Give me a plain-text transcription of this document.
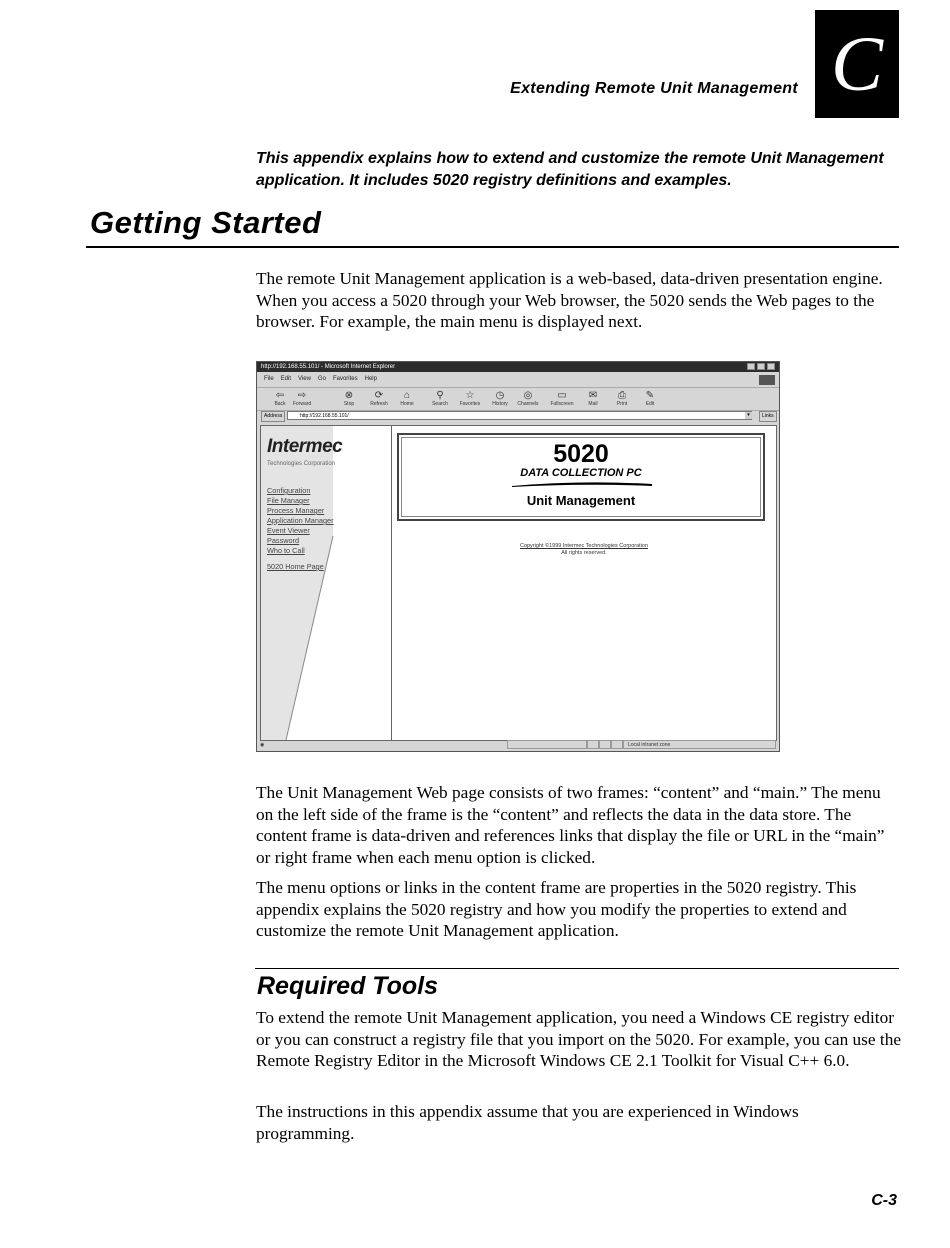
C
Extending Remote Unit Management
This appendix explains how to extend and customize the remote Unit Management application. It includes 5020 registry definitions and examples.
Getting Started

The remote Unit Management application is a web-based, data-driven presentation engine. When you access a 5020 through your Web browser, the 5020 sends the Web pages to the browser. For example, the main menu is displayed next.

http://192.168.55.101/ - Microsoft Internet Explorer
File Edit View Go Favorites Help
⇦
Back
⇨
Forward
⊗
Stop
⟳
Refresh
⌂
Home
⚲
Search
☆
Favorites
◷
History
◎
Channels
▭
Fullscreen
✉
Mail
⎙
Print
✎
Edit
Address	http://192.168.55.101/	▾	Links
Intermec
Technologies Corporation
Configuration
File Manager
Process Manager
Application Manager
Event Viewer
Password
Who to Call
5020 Home Page
5020
DATA COLLECTION PC
Unit Management
Copyright ©1999 Intermec Technologies Corporation
All rights reserved.
◉	Local intranet zone

The Unit Management Web page consists of two frames: “content” and “main.” The menu on the left side of the frame is the “content” and reflects the data in the data store. The content frame is data-driven and references links that display the file or URL in the “main” or right frame when each menu option is clicked.

The menu options or links in the content frame are properties in the 5020 registry. This appendix explains the 5020 registry and how you modify the properties to extend and customize the remote Unit Management application.

Required Tools

To extend the remote Unit Management application, you need a Windows CE registry editor or you can construct a registry file that you import on the 5020. For example, you can use the Remote Registry Editor in the Microsoft Windows CE 2.1 Toolkit for Visual C++ 6.0.

The instructions in this appendix assume that you are experienced in Windows programming.

C-3
